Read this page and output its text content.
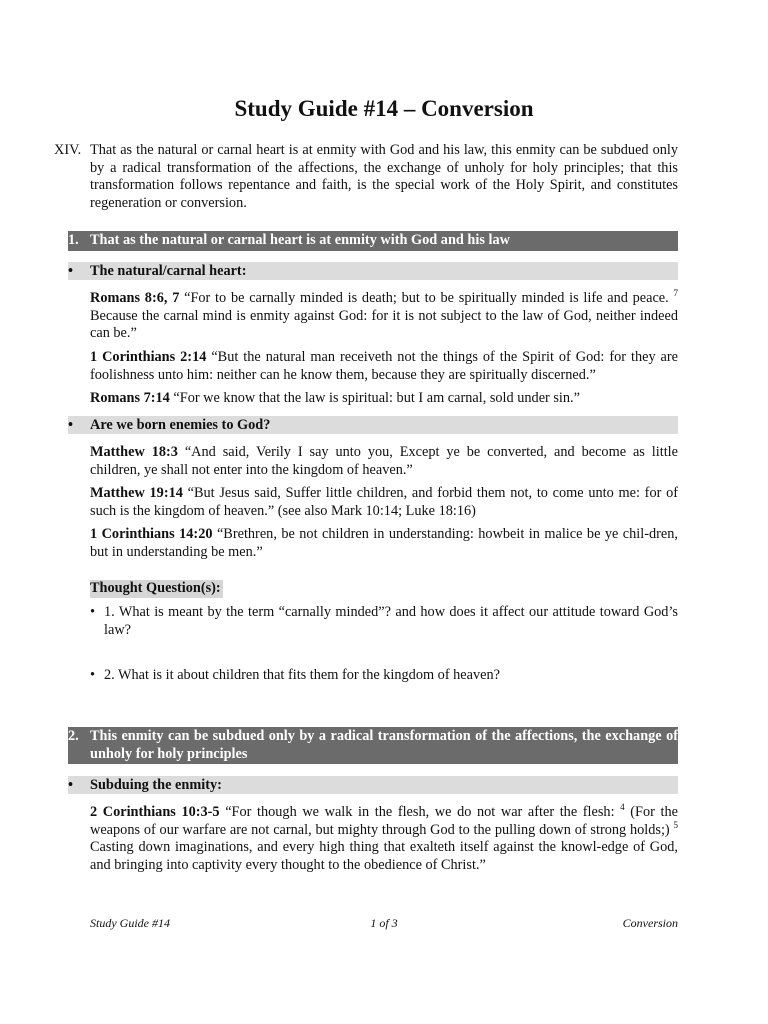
Study Guide #14 – Conversion
XIV. That as the natural or carnal heart is at enmity with God and his law, this enmity can be subdued only by a radical transformation of the affections, the exchange of unholy for holy principles; that this transformation follows repentance and faith, is the special work of the Holy Spirit, and constitutes regeneration or conversion.
1. That as the natural or carnal heart is at enmity with God and his law
• The natural/carnal heart:
Romans 8:6, 7 “For to be carnally minded is death; but to be spiritually minded is life and peace. $^7$ Because the carnal mind is enmity against God: for it is not subject to the law of God, neither indeed can be.”
1 Corinthians 2:14 “But the natural man receiveth not the things of the Spirit of God: for they are foolishness unto him: neither can he know them, because they are spiritually discerned.”
Romans 7:14 “For we know that the law is spiritual: but I am carnal, sold under sin.”
• Are we born enemies to God?
Matthew 18:3 “And said, Verily I say unto you, Except ye be converted, and become as little children, ye shall not enter into the kingdom of heaven.”
Matthew 19:14 “But Jesus said, Suffer little children, and forbid them not, to come unto me: for of such is the kingdom of heaven.” (see also Mark 10:14; Luke 18:16)
1 Corinthians 14:20 “Brethren, be not children in understanding: howbeit in malice be ye chil-dren, but in understanding be men.”
Thought Question(s):
• 1. What is meant by the term “carnally minded”? and how does it affect our attitude toward God’s law?
• 2. What is it about children that fits them for the kingdom of heaven?
2. This enmity can be subdued only by a radical transformation of the affections, the exchange of unholy for holy principles
• Subduing the enmity:
2 Corinthians 10:3-5 “For though we walk in the flesh, we do not war after the flesh: $^4$ (For the weapons of our warfare are not carnal, but mighty through God to the pulling down of strong holds;) $^5$ Casting down imaginations, and every high thing that exalteth itself against the knowl-edge of God, and bringing into captivity every thought to the obedience of Christ.”
Study Guide #14	1 of 3	Conversion
